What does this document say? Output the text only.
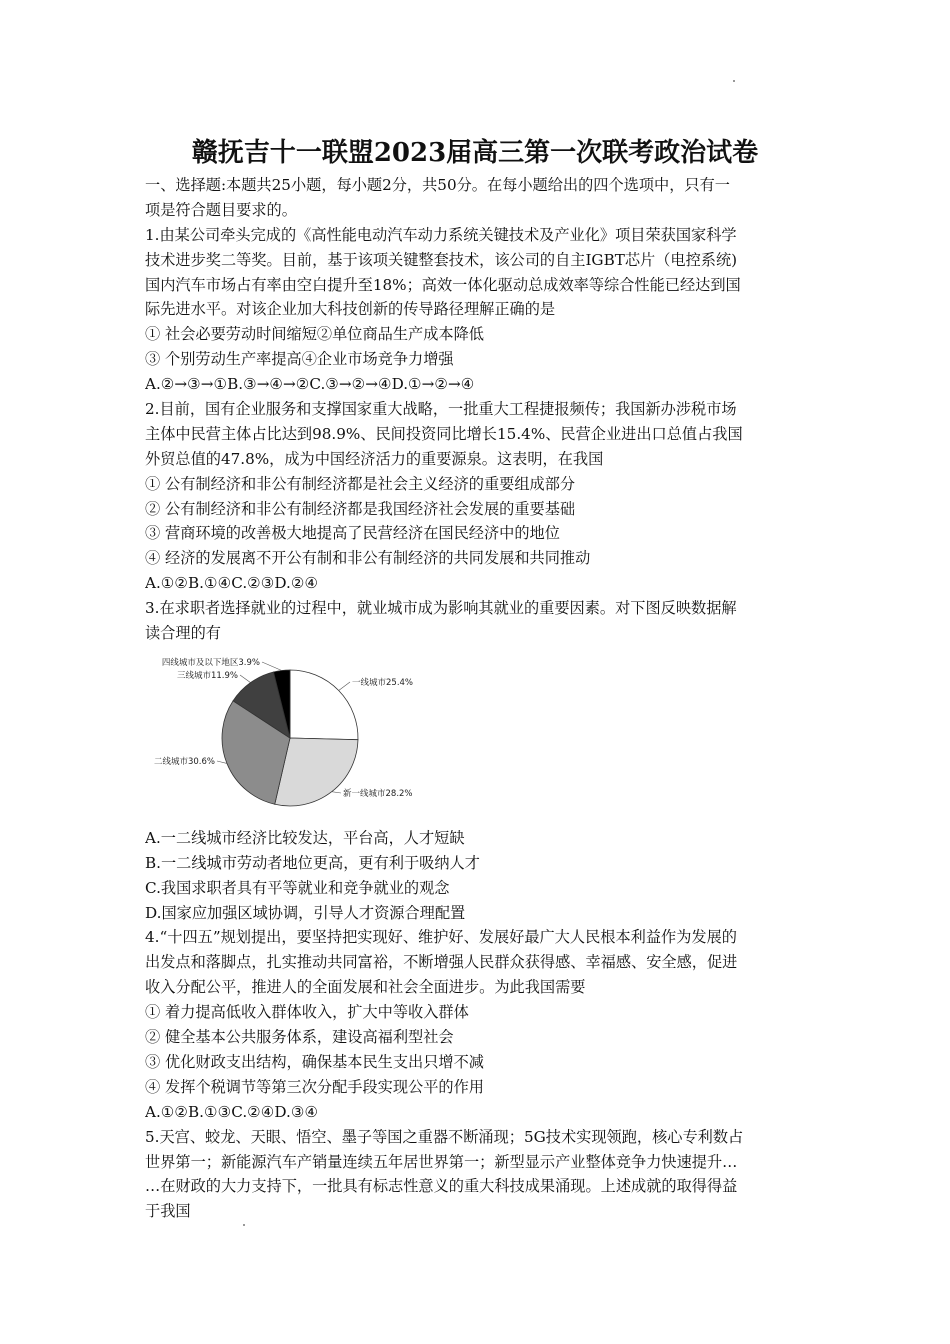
赣抚吉十一联盟2023届高三第一次联考政治试卷
一、选择题:本题共25小题，每小题2分，共50分。在每小题给出的四个选项中，只有一
项是符合题目要求的。
1.由某公司牵头完成的《高性能电动汽车动力系统关键技术及产业化》项目荣获国家科学
技术进步奖二等奖。目前，基于该项关键整套技术，该公司的自主IGBT芯片（电控系统)
国内汽车市场占有率由空白提升至18%；高效一体化驱动总成效率等综合性能已经达到国
际先进水平。对该企业加大科技创新的传导路径理解正确的是
① 社会必要劳动时间缩短②单位商品生产成本降低
③ 个别劳动生产率提高④企业市场竞争力增强
A.②→③→①B.③→④→②C.③→②→④D.①→②→④
2.目前，国有企业服务和支撑国家重大战略，一批重大工程捷报频传；我国新办涉税市场
主体中民营主体占比达到98.9%、民间投资同比增长15.4%、民营企业进出口总值占我国
外贸总值的47.8%，成为中国经济活力的重要源泉。这表明，在我国
① 公有制经济和非公有制经济都是社会主义经济的重要组成部分
② 公有制经济和非公有制经济都是我国经济社会发展的重要基础
③ 营商环境的改善极大地提高了民营经济在国民经济中的地位
④ 经济的发展离不开公有制和非公有制经济的共同发展和共同推动
A.①②B.①④C.②③D.②④
3.在求职者选择就业的过程中，就业城市成为影响其就业的重要因素。对下图反映数据解
读合理的有
一线城市25.4%
新一线城市28.2%
二线城市30.6%
三线城市11.9%
四线城市及以下地区3.9%
A.一二线城市经济比较发达，平台高，人才短缺
B.一二线城市劳动者地位更高，更有利于吸纳人才
C.我国求职者具有平等就业和竞争就业的观念
D.国家应加强区域协调，引导人才资源合理配置
4.“十四五”规划提出，要坚持把实现好、维护好、发展好最广大人民根本利益作为发展的
出发点和落脚点，扎实推动共同富裕，不断增强人民群众获得感、幸福感、安全感，促进
收入分配公平，推进人的全面发展和社会全面进步。为此我国需要
① 着力提高低收入群体收入，扩大中等收入群体
② 健全基本公共服务体系，建设高福利型社会
③ 优化财政支出结构，确保基本民生支出只增不减
④ 发挥个税调节等第三次分配手段实现公平的作用
A.①②B.①③C.②④D.③④
5.天宫、蛟龙、天眼、悟空、墨子等国之重器不断涌现；5G技术实现领跑，核心专利数占
世界第一；新能源汽车产销量连续五年居世界第一；新型显示产业整体竞争力快速提升…
…在财政的大力支持下，一批具有标志性意义的重大科技成果涌现。上述成就的取得得益
于我国
